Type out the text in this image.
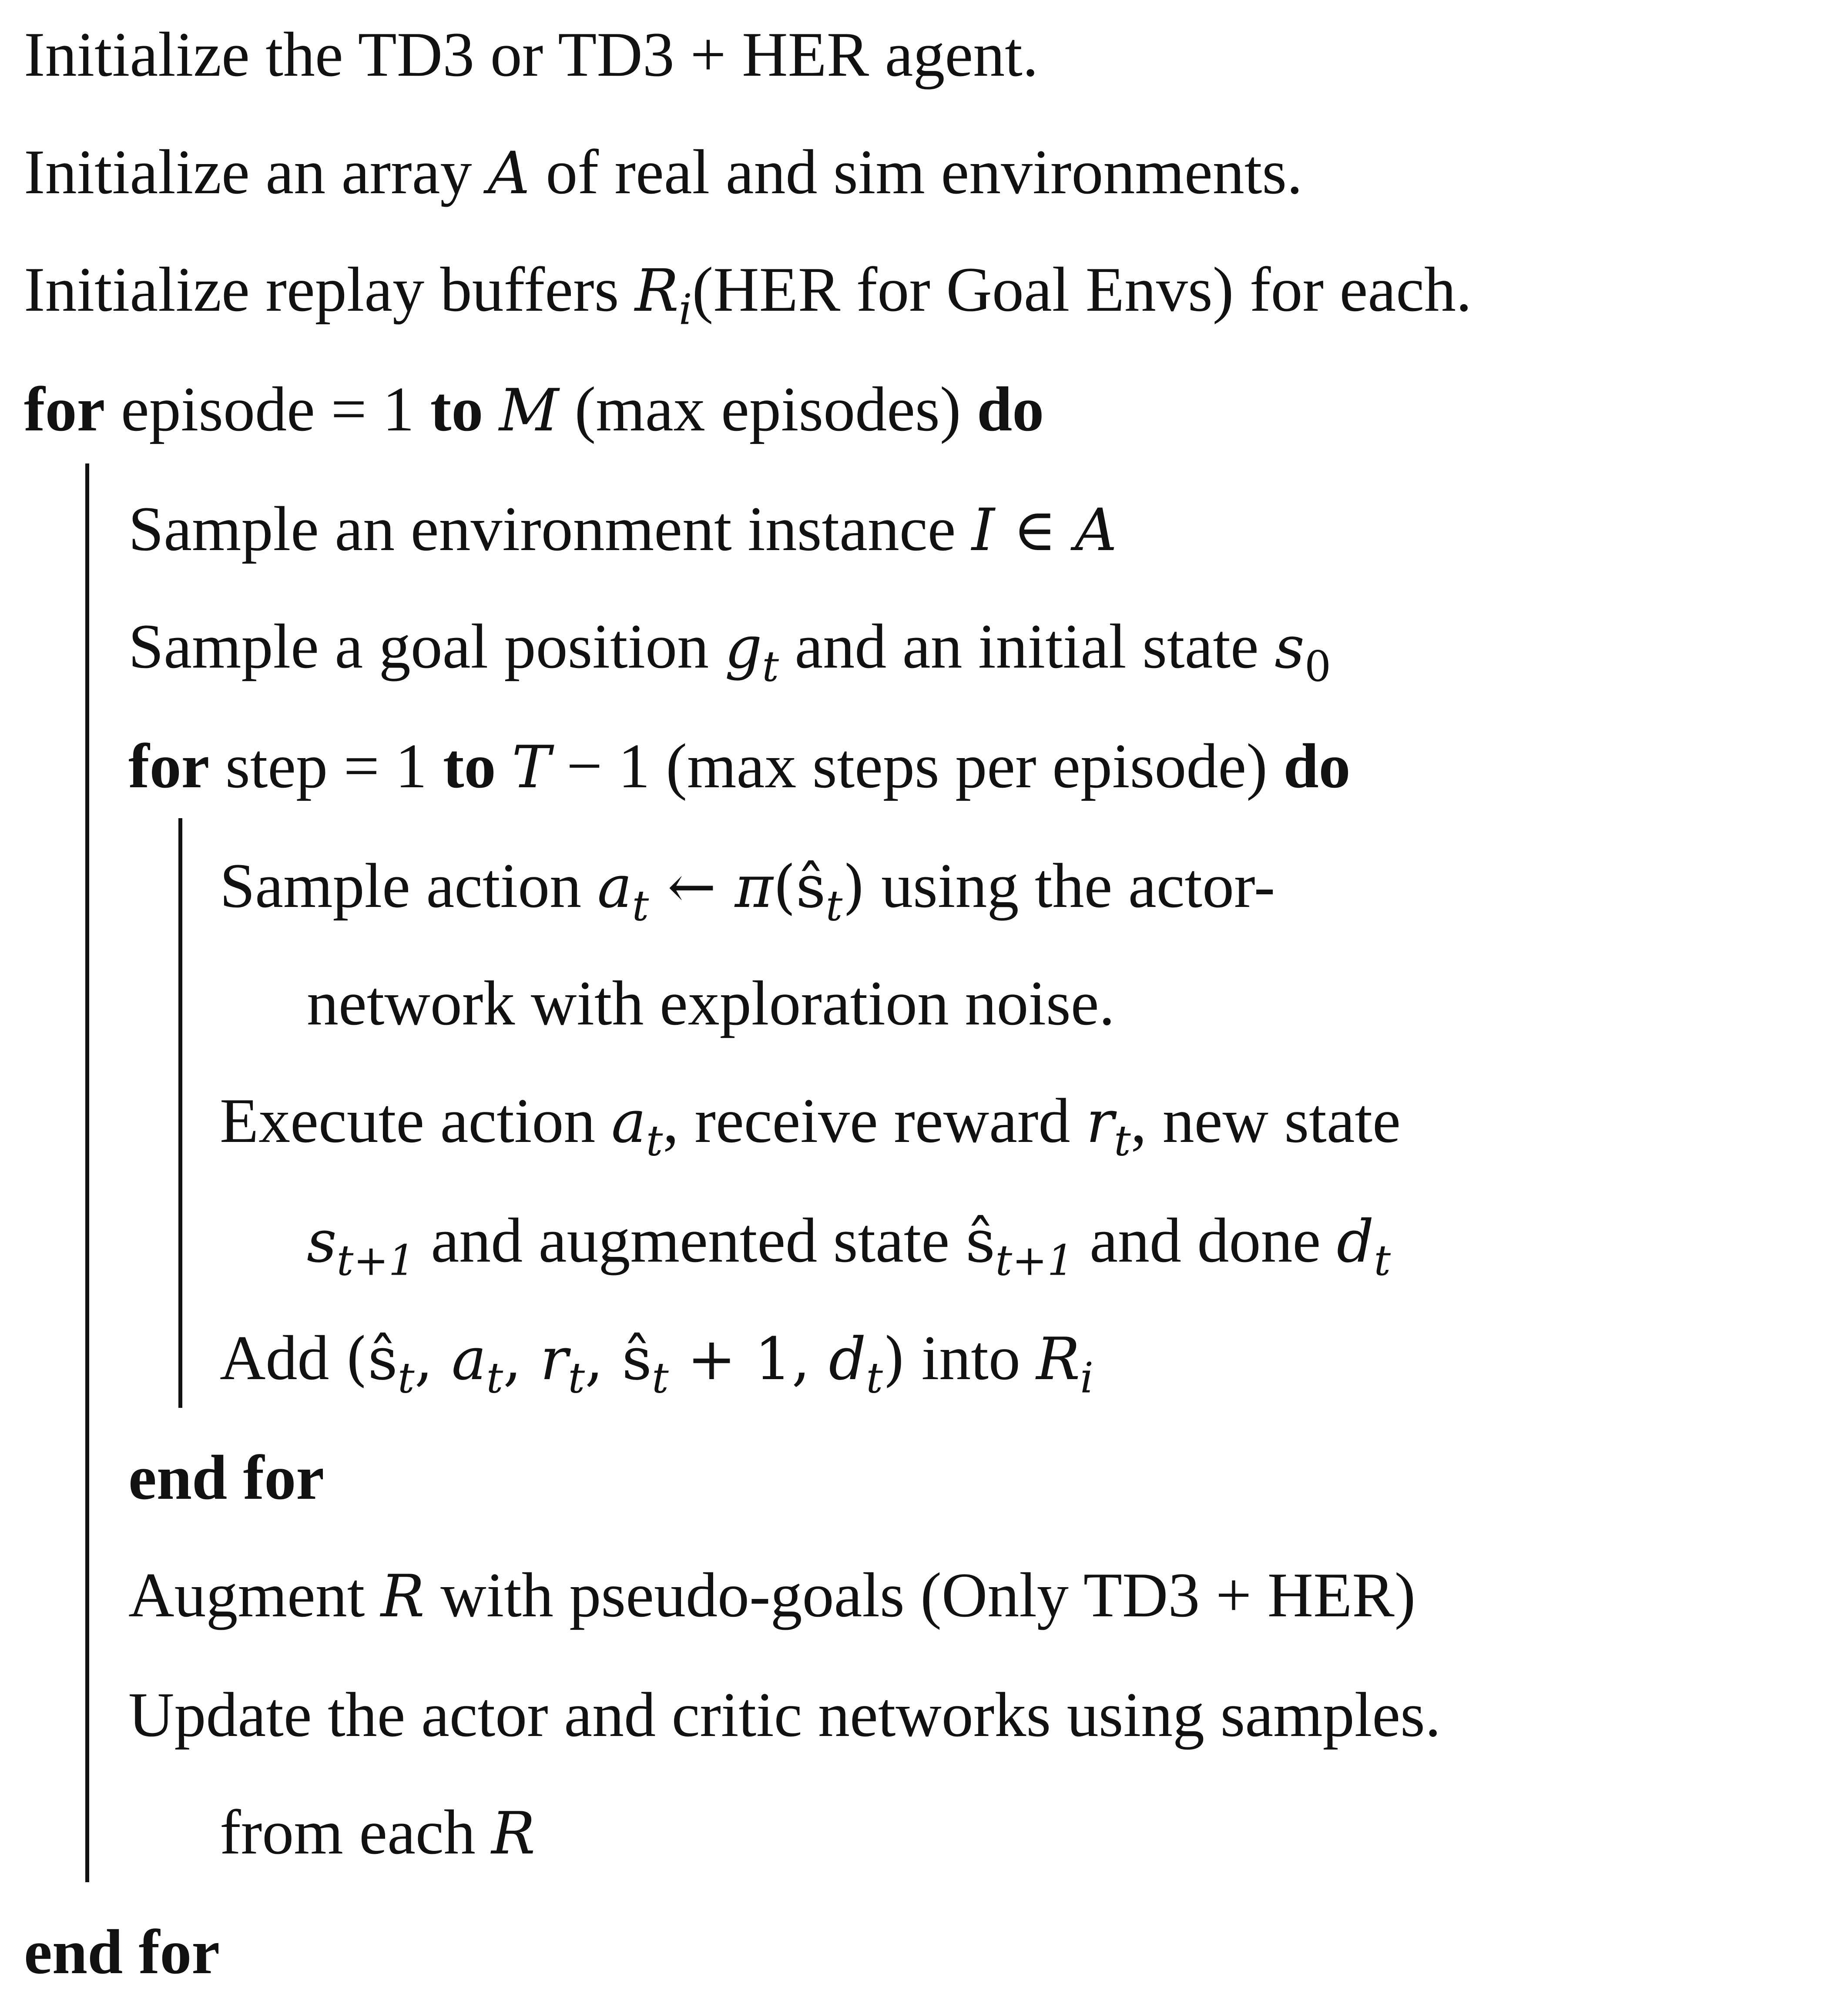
Initialize the TD3 or TD3 + HER agent.
Initialize an array A of real and sim environments.
Initialize replay buffers $R_i(HER$ for Goal Envs) for each.
for episode = 1 to M (max episodes) do
Sample an environment instance I ∈ A
Sample a goal position $g_t$ and an initial state $s_0$
for step = 1 to T − 1 (max steps per episode) do
Sample action $a_t$ ← $\pi(ŝ_t)$ using the actor-
network with exploration noise.
Execute action $a_t$, receive reward $r_t$, new state
$s_{t+1}$ and augmented state $ŝ_{t+1}$ and done $d_t$
Add ($ŝ_t$, $a_t$, $r_t$, $ŝ_t + 1$, $d_t$) into $R_i$
end for
Augment R with pseudo-goals (Only TD3 + HER)
Update the actor and critic networks using samples.
from each R
end for
